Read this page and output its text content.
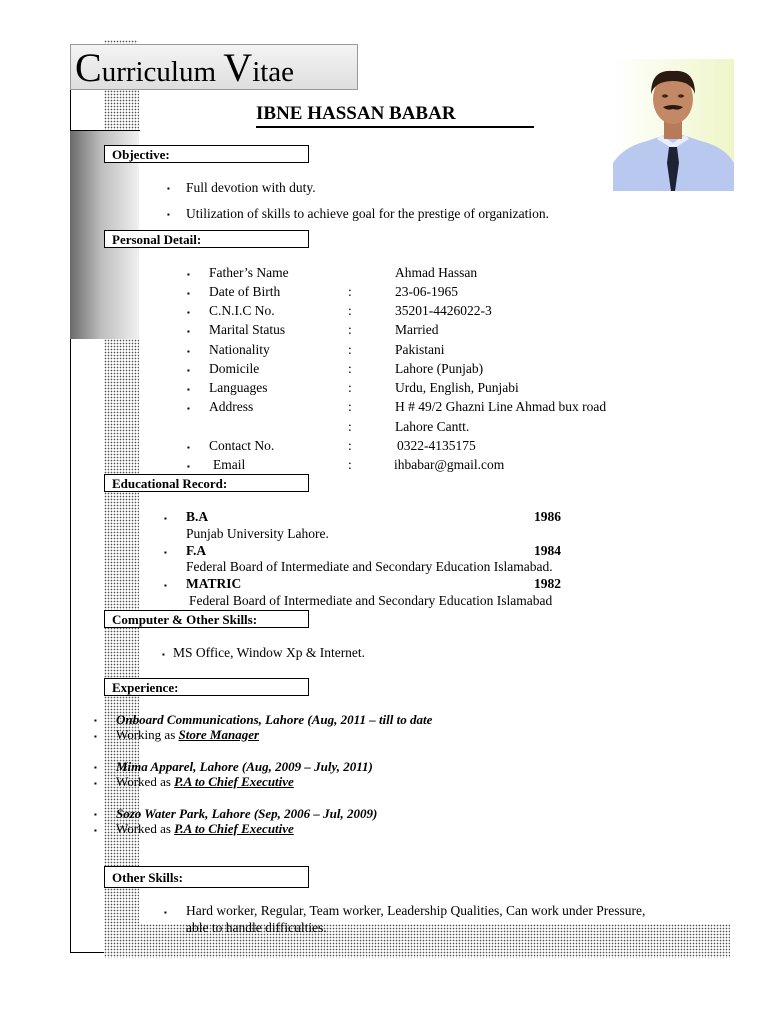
Curriculum Vitae
IBNE HASSAN BABAR
Objective:
▪ Full devotion with duty.
▪ Utilization of skills to achieve goal for the prestige of organization.
Personal Detail:
▪ Father’s Name	Ahmad Hassan
▪ Date of Birth	:	23-06-1965
▪ C.N.I.C No.	:	35201-4426022-3
▪ Marital Status	:	Married
▪ Nationality	:	Pakistani
▪ Domicile	:	Lahore (Punjab)
▪ Languages	:	Urdu, English, Punjabi
▪ Address	:	H # 49/2 Ghazni Line Ahmad bux road
:	Lahore Cantt.
▪ Contact No.	:	0322-4135175
▪ Email	:	ihbabar@gmail.com
Educational Record:
▪ B.A	1986
Punjab University Lahore.
▪ F.A	1984
Federal Board of Intermediate and Secondary Education Islamabad.
▪ MATRIC	1982
Federal Board of Intermediate and Secondary Education Islamabad
Computer & Other Skills:
▪ MS Office, Window Xp & Internet.
Experience:
▪ Onboard Communications, Lahore (Aug, 2011 – till to date
▪ Working as Store Manager
▪ Mima Apparel, Lahore (Aug, 2009 – July, 2011)
▪ Worked as P.A to Chief Executive
▪ Sozo Water Park, Lahore (Sep, 2006 – Jul, 2009)
▪ Worked as P.A to Chief Executive
Other Skills:
▪ Hard worker, Regular, Team worker, Leadership Qualities, Can work under Pressure,
able to handle difficulties.
